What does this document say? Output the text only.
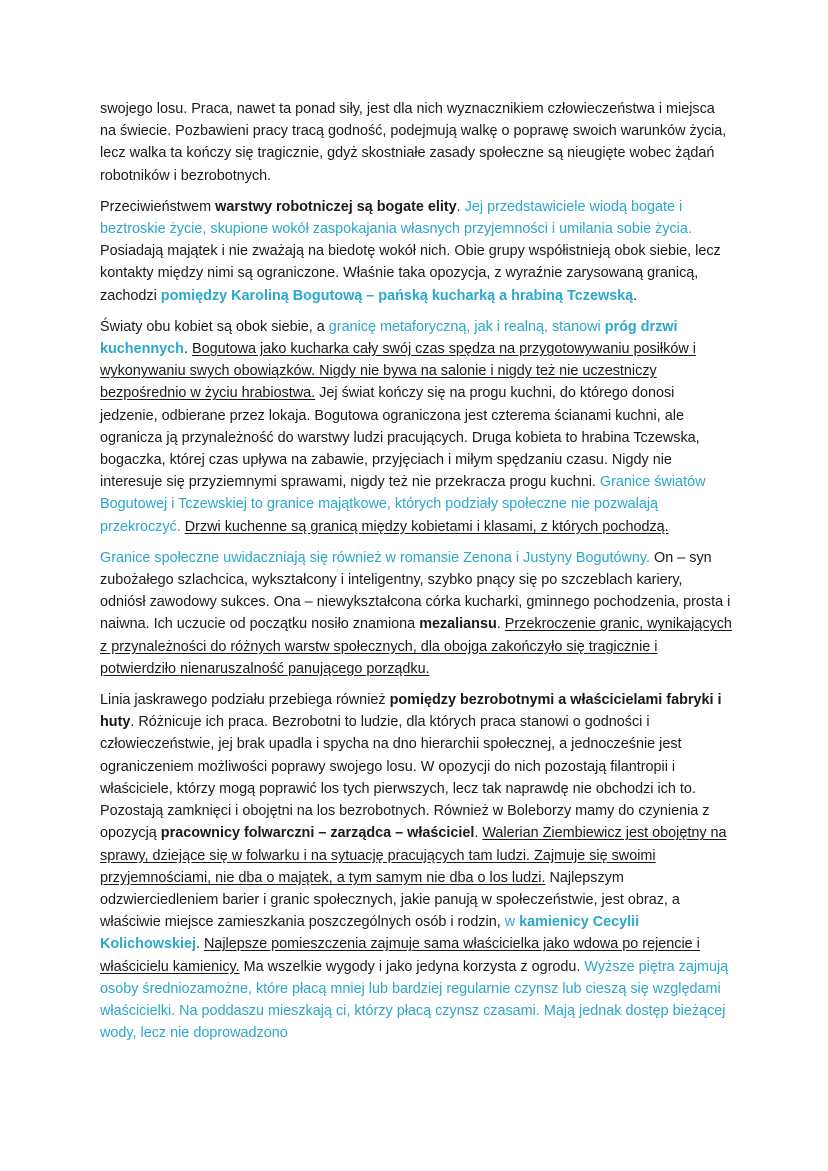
swojego losu. Praca, nawet ta ponad siły, jest dla nich wyznacznikiem człowieczeństwa i miejsca na świecie. Pozbawieni pracy tracą godność, podejmują walkę o poprawę swoich warunków życia, lecz walka ta kończy się tragicznie, gdyż skostniałe zasady społeczne są nieugięte wobec żądań robotników i bezrobotnych.

Przeciwieństwem warstwy robotniczej są bogate elity. Jej przedstawiciele wiodą bogate i beztroskie życie, skupione wokół zaspokajania własnych przyjemności i umilania sobie życia. Posiadają majątek i nie zważają na biedotę wokół nich. Obie grupy współistnieją obok siebie, lecz kontakty między nimi są ograniczone. Właśnie taka opozycja, z wyraźnie zarysowaną granicą, zachodzi pomiędzy Karoliną Bogutową – pańską kucharką a hrabiną Tczewską.

Światy obu kobiet są obok siebie, a granicę metaforyczną, jak i realną, stanowi próg drzwi kuchennych. Bogutowa jako kucharka cały swój czas spędza na przygotowywaniu posiłków i wykonywaniu swych obowiązków. Nigdy nie bywa na salonie i nigdy też nie uczestniczy bezpośrednio w życiu hrabiostwa. Jej świat kończy się na progu kuchni, do którego donosi jedzenie, odbierane przez lokaja. Bogutowa ograniczona jest czterema ścianami kuchni, ale ogranicza ją przynależność do warstwy ludzi pracujących. Druga kobieta to hrabina Tczewska, bogaczka, której czas upływa na zabawie, przyjęciach i miłym spędzaniu czasu. Nigdy nie interesuje się przyziemnymi sprawami, nigdy też nie przekracza progu kuchni. Granice światów Bogutowej i Tczewskiej to granice majątkowe, których podziały społeczne nie pozwalają przekroczyć. Drzwi kuchenne są granicą między kobietami i klasami, z których pochodzą.

Granice społeczne uwidaczniają się również w romansie Zenona i Justyny Bogutówny. On – syn zubożałego szlachcica, wykształcony i inteligentny, szybko pnący się po szczeblach kariery, odniósł zawodowy sukces. Ona – niewykształcona córka kucharki, gminnego pochodzenia, prosta i naiwna. Ich uczucie od początku nosiło znamiona mezaliansu. Przekroczenie granic, wynikających z przynależności do różnych warstw społecznych, dla obojga zakończyło się tragicznie i potwierdziło nienaruszalność panującego porządku.

Linia jaskrawego podziału przebiega również pomiędzy bezrobotnymi a właścicielami fabryki i huty. Różnicuje ich praca. Bezrobotni to ludzie, dla których praca stanowi o godności i człowieczeństwie, jej brak upadla i spycha na dno hierarchii społecznej, a jednocześnie jest ograniczeniem możliwości poprawy swojego losu. W opozycji do nich pozostają filantropii i właściciele, którzy mogą poprawić los tych pierwszych, lecz tak naprawdę nie obchodzi ich to. Pozostają zamknięci i obojętni na los bezrobotnych. Również w Boleborzy mamy do czynienia z opozycją pracownicy folwarczni – zarządca – właściciel. Walerian Ziembiewicz jest obojętny na sprawy, dziejące się w folwarku i na sytuację pracujących tam ludzi. Zajmuje się swoimi przyjemnościami, nie dba o majątek, a tym samym nie dba o los ludzi. Najlepszym odzwierciedleniem barier i granic społecznych, jakie panują w społeczeństwie, jest obraz, a właściwie miejsce zamieszkania poszczególnych osób i rodzin, w kamienicy Cecylii Kolichowskiej. Najlepsze pomieszczenia zajmuje sama właścicielka jako wdowa po rejencie i właścicielu kamienicy. Ma wszelkie wygody i jako jedyna korzysta z ogrodu. Wyższe piętra zajmują osoby średniozamożne, które płacą mniej lub bardziej regularnie czynsz lub cieszą się względami właścicielki. Na poddaszu mieszkają ci, którzy płacą czynsz czasami. Mają jednak dostęp bieżącej wody, lecz nie doprowadzono
